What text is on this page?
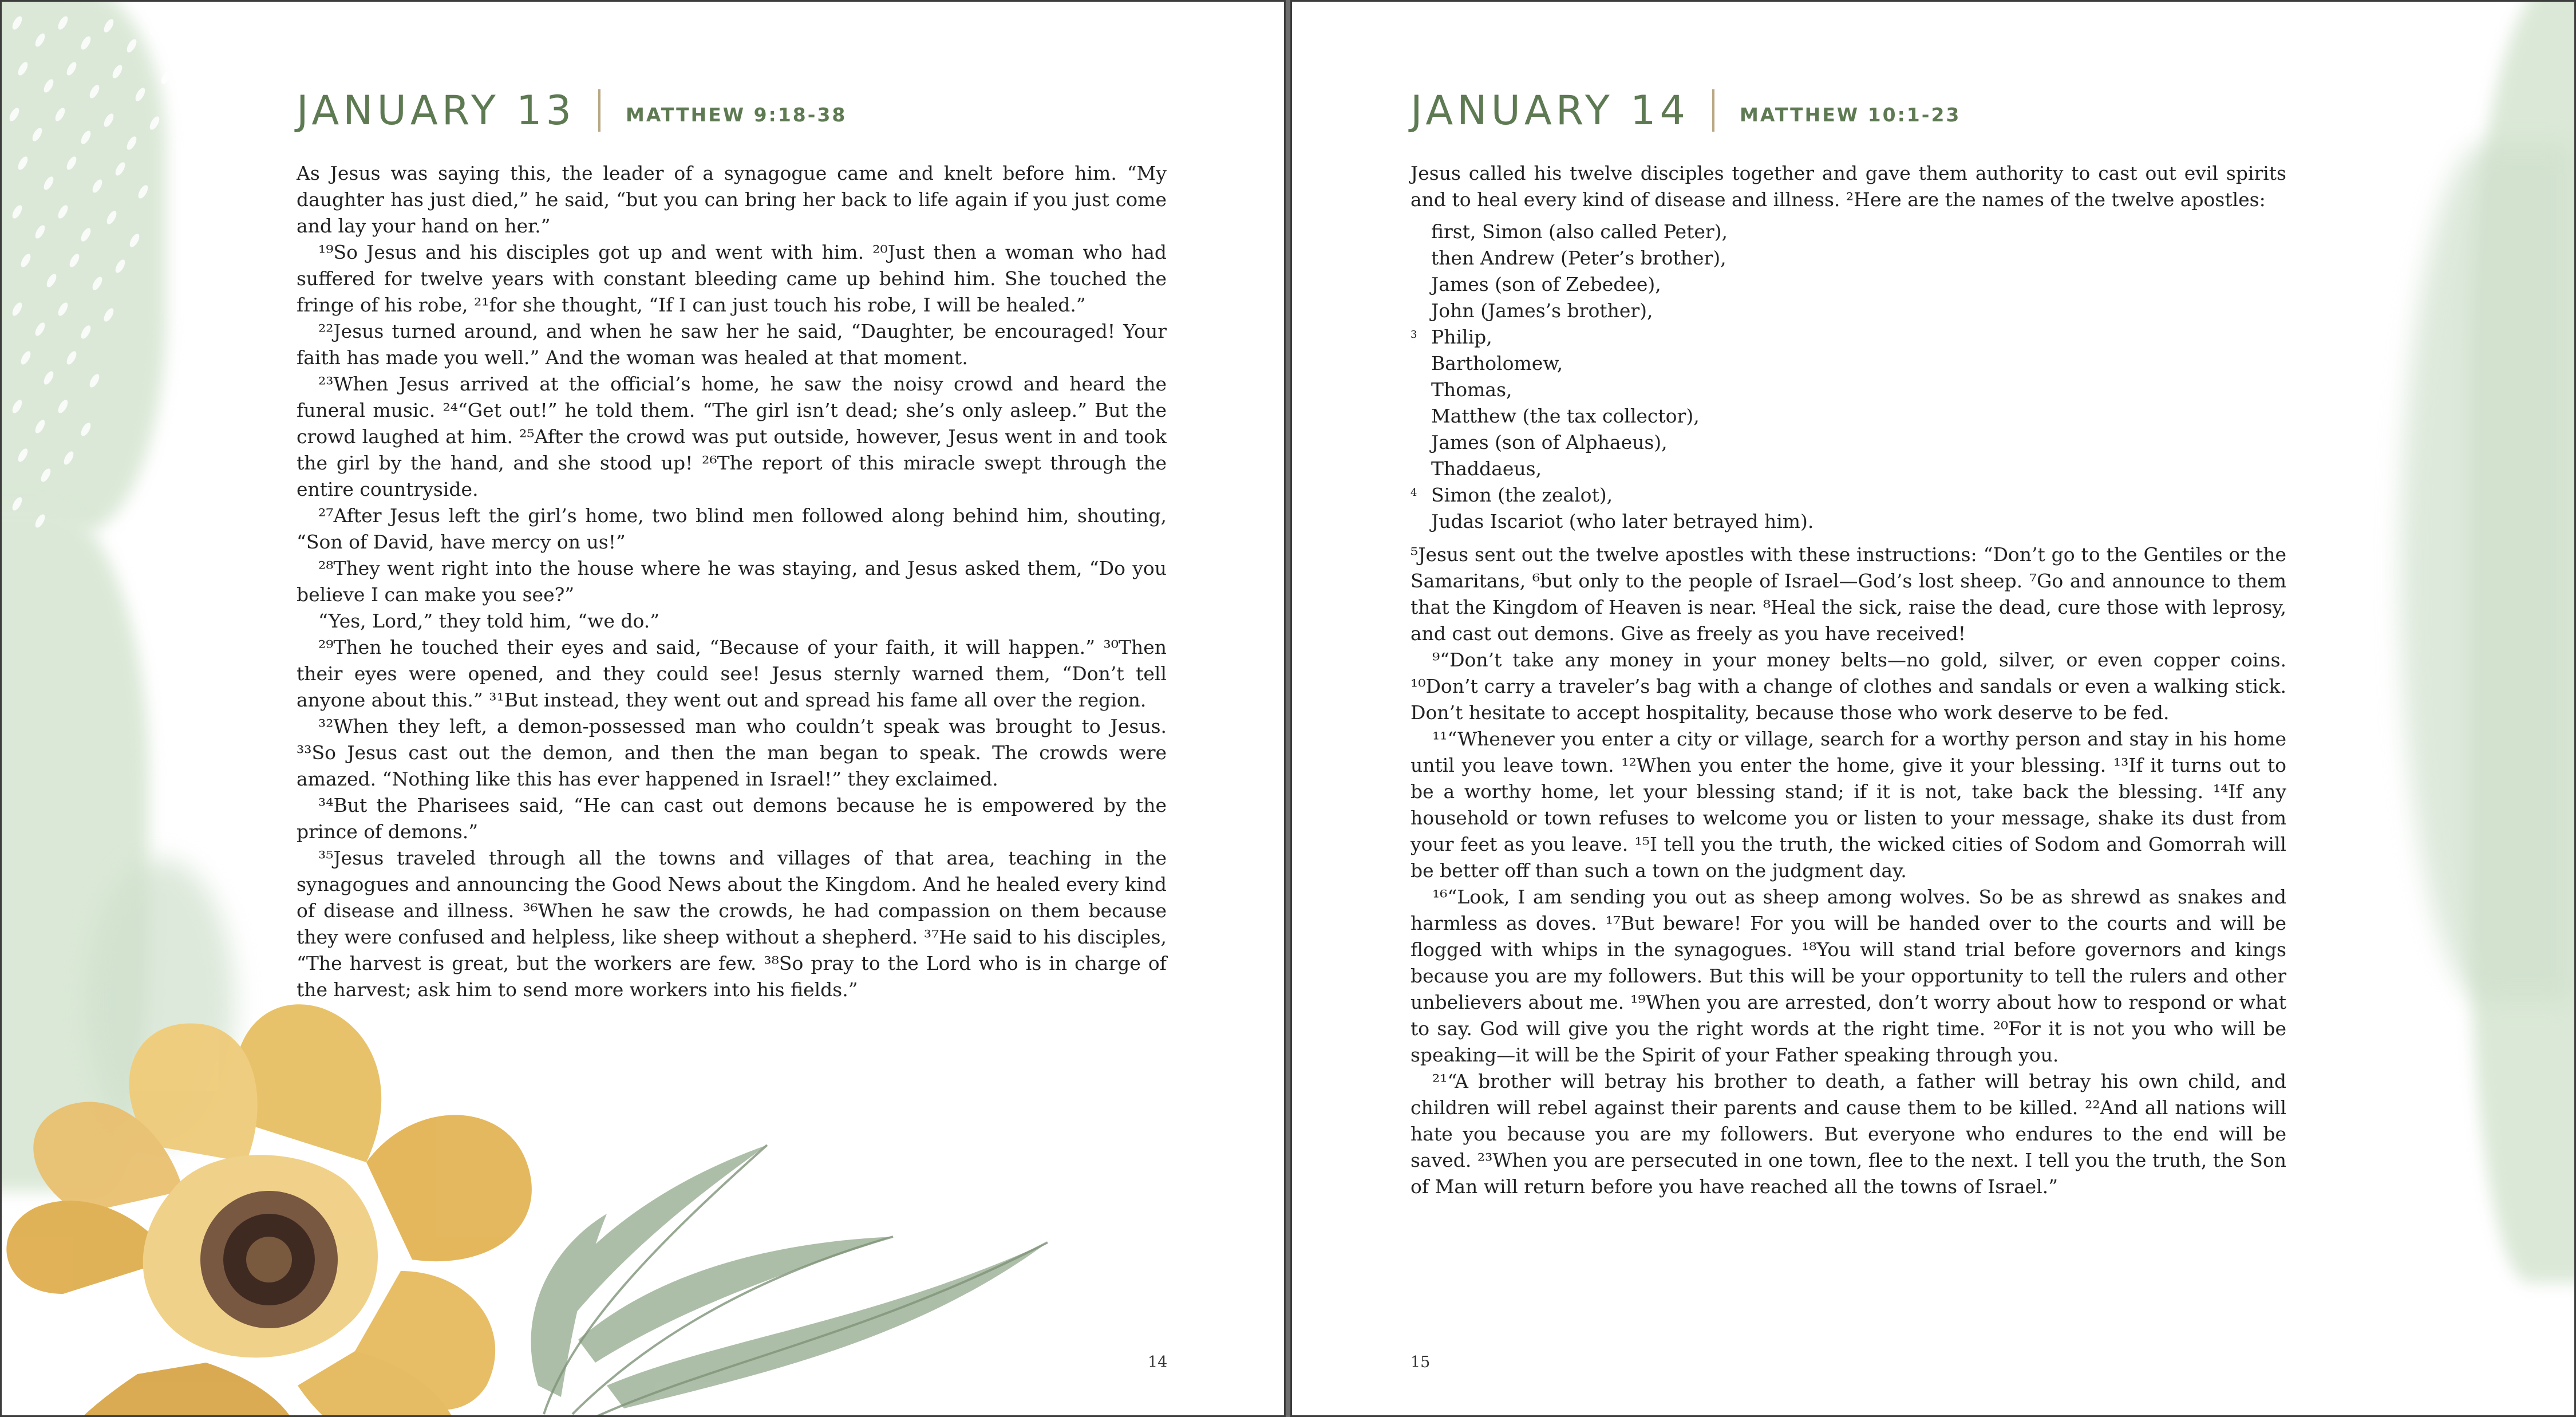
JANUARY 13	MATTHEW 9:18-38

As Jesus was saying this, the leader of a synagogue came and knelt before him. “My daughter has just died,” he said, “but you can bring her back to life again if you just come and lay your hand on her.”

¹⁹So Jesus and his disciples got up and went with him. ²⁰Just then a woman who had suffered for twelve years with constant bleeding came up behind him. She touched the fringe of his robe, ²¹for she thought, “If I can just touch his robe, I will be healed.”

²²Jesus turned around, and when he saw her he said, “Daughter, be encouraged! Your faith has made you well.” And the woman was healed at that moment.

²³When Jesus arrived at the official’s home, he saw the noisy crowd and heard the funeral music. ²⁴“Get out!” he told them. “The girl isn’t dead; she’s only asleep.” But the crowd laughed at him. ²⁵After the crowd was put outside, however, Jesus went in and took the girl by the hand, and she stood up! ²⁶The report of this miracle swept through the entire countryside.

²⁷After Jesus left the girl’s home, two blind men followed along behind him, shouting, “Son of David, have mercy on us!”

²⁸They went right into the house where he was staying, and Jesus asked them, “Do you believe I can make you see?”

“Yes, Lord,” they told him, “we do.”

²⁹Then he touched their eyes and said, “Because of your faith, it will happen.” ³⁰Then their eyes were opened, and they could see! Jesus sternly warned them, “Don’t tell anyone about this.” ³¹But instead, they went out and spread his fame all over the region.

³²When they left, a demon-possessed man who couldn’t speak was brought to Jesus. ³³So Jesus cast out the demon, and then the man began to speak. The crowds were amazed. “Nothing like this has ever happened in Israel!” they exclaimed.

³⁴But the Pharisees said, “He can cast out demons because he is empowered by the prince of demons.”

³⁵Jesus traveled through all the towns and villages of that area, teaching in the synagogues and announcing the Good News about the Kingdom. And he healed every kind of disease and illness. ³⁶When he saw the crowds, he had compassion on them because they were confused and helpless, like sheep without a shepherd. ³⁷He said to his disciples, “The harvest is great, but the workers are few. ³⁸So pray to the Lord who is in charge of the harvest; ask him to send more workers into his fields.”

14
JANUARY 14	MATTHEW 10:1-23

Jesus called his twelve disciples together and gave them authority to cast out evil spirits and to heal every kind of disease and illness. ²Here are the names of the twelve apostles:

first, Simon (also called Peter),
then Andrew (Peter’s brother),
James (son of Zebedee),
John (James’s brother),
3 Philip,
Bartholomew,
Thomas,
Matthew (the tax collector),
James (son of Alphaeus),
Thaddaeus,
4 Simon (the zealot),
Judas Iscariot (who later betrayed him).

⁵Jesus sent out the twelve apostles with these instructions: “Don’t go to the Gentiles or the Samaritans, ⁶but only to the people of Israel—God’s lost sheep. ⁷Go and announce to them that the Kingdom of Heaven is near. ⁸Heal the sick, raise the dead, cure those with leprosy, and cast out demons. Give as freely as you have received!

⁹“Don’t take any money in your money belts—no gold, silver, or even copper coins. ¹⁰Don’t carry a traveler’s bag with a change of clothes and sandals or even a walking stick. Don’t hesitate to accept hospitality, because those who work deserve to be fed.

¹¹“Whenever you enter a city or village, search for a worthy person and stay in his home until you leave town. ¹²When you enter the home, give it your blessing. ¹³If it turns out to be a worthy home, let your blessing stand; if it is not, take back the blessing. ¹⁴If any household or town refuses to welcome you or listen to your message, shake its dust from your feet as you leave. ¹⁵I tell you the truth, the wicked cities of Sodom and Gomorrah will be better off than such a town on the judgment day.

¹⁶“Look, I am sending you out as sheep among wolves. So be as shrewd as snakes and harmless as doves. ¹⁷But beware! For you will be handed over to the courts and will be flogged with whips in the synagogues. ¹⁸You will stand trial before governors and kings because you are my followers. But this will be your opportunity to tell the rulers and other unbelievers about me. ¹⁹When you are arrested, don’t worry about how to respond or what to say. God will give you the right words at the right time. ²⁰For it is not you who will be speaking—it will be the Spirit of your Father speaking through you.

²¹“A brother will betray his brother to death, a father will betray his own child, and children will rebel against their parents and cause them to be killed. ²²And all nations will hate you because you are my followers. But everyone who endures to the end will be saved. ²³When you are persecuted in one town, flee to the next. I tell you the truth, the Son of Man will return before you have reached all the towns of Israel.”

15
